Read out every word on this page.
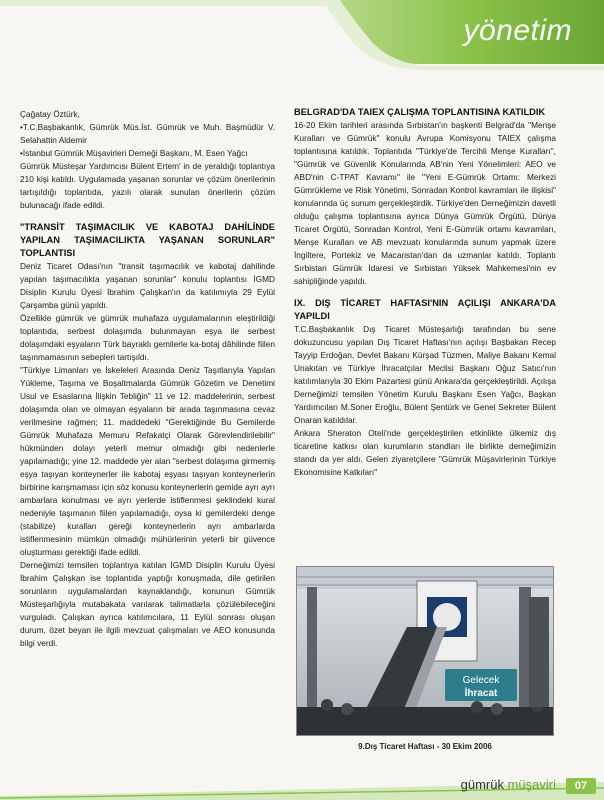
yönetim

Çağatay Öztürk,

•T.C.Başbakanlık, Gümrük Müs.İst. Gümrük ve Muh. Başmüdür V. Selahattin Aldemir

•İstanbul Gümrük Müşavirleri Derneği Başkanı, M. Esen Yağcı

Gümrük Müsteşar Yardımcısı Bülent Ertem' in de yeraldığı toplantıya 210 kişi katıldı. Uygulamada yaşanan sorunlar ve çözüm önerilerinin tartışıldığı toplantıda, yazılı olarak sunulan önerilerin çözüm bulunacağı ifade edildi.

"TRANSİT TAŞIMACILIK VE KABOTAJ DAHİLİNDE YAPILAN TAŞIMACILIKTA YAŞANAN SORUNLAR" TOPLANTISI

Deniz Ticaret Odası'nın "transit taşımacılık ve kabotaj dahilinde yapılan taşımacılıkta yaşanan sorunlar" konulu toplantısı İGMD Disiplin Kurulu Üyesi İbrahim Çalışkan'ın da katılımıyla 29 Eylül Çarşamba günü yapıldı.

Özellikle gümrük ve gümrük muhafaza uygulamalarının eleştirildiği toplantıda, serbest dolaşımda bulunmayan eşya ile serbest dolaşımdaki eşyaların Türk bayraklı gemilerle ka-botaj dâhilinde fiilen taşınmamasının sebepleri tartışıldı.

"Türkiye Limanları ve İskeleleri Arasında Deniz Taşıtlarıyla Yapılan Yükleme, Taşıma ve Boşaltmalarda Gümrük Gözetim ve Denetimi Usul ve Esaslarına İlişkin Tebliğin" 11 ve 12. maddelerinin, serbest dolaşımda olan ve olmayan eşyaların bir arada taşınmasına cevaz verilmesine rağmen; 11. maddedeki "Gerektiğinde Bu Gemilerde Gümrük Muhafaza Memuru Refakatçi Olarak Görevlendirilebilir" hükmünden dolayı yeterli memur olmadığı gibi nedenlerle yapılamadığı; yine 12. maddede yer alan "serbest dolaşıma girmemiş eşya taşıyan konteynerler ile kabotaj eşyası taşıyan konteynerlerin birbirine karışmaması için söz konusu konteynerlerin gemide ayrı ayrı ambarlara konulması ve ayrı yerlerde istiflenmesi şeklindeki kural nedeniyle taşımanın fiilen yapılamadığı, oysa ki gemilerdeki denge (stabilize) kuralları gereği konteynerlerin ayrı ambarlarda istiflenmesinin mümkün olmadığı mühürlerinin yeterli bir güvence oluşturması gerektiği ifade edildi.

Derneğimizi temsilen toplantıya katılan İGMD Disiplin Kurulu Üyesi İbrahim Çalışkan ise toplantıda yaptığı konuşmada, dile getirilen sorunların uygulamalardan kaynaklandığı, konunun Gümrük Müsteşarlığıyla mutabakata varılarak talimatlarla çözülebileceğini vurguladı. Çalışkan ayrıca katılımcılara, 11 Eylül sonrası oluşan durum, özet beyan ile ilgili mevzuat çalışmaları ve AEO konusunda bilgi verdi.

BELGRAD'DA TAIEX ÇALIŞMA TOPLANTISINA KATILDIK

16-20 Ekim tarihleri arasında Sırbistan'ın başkenti Belgrad'da "Menşe Kuralları ve Gümrük" konulu Avrupa Komisyonu TAIEX çalışma toplantısına katıldık. Toplantıda "Türkiye'de Tercihli Menşe Kuralları", "Gümrük ve Güvenlik Konularında AB'nin Yeni Yönelimleri: AEO ve ABD'nin C-TPAT Kavramı" ile "Yeni E-Gümrük Ortamı: Merkezi Gümrükleme ve Risk Yönetimi, Sonradan Kontrol kavramları ile ilişkisi" konularında üç sunum gerçekleştirdik. Türkiye'den Derneğimizin davetli olduğu çalışma toplantısına ayrıca Dünya Gümrük Örgütü, Dünya Ticaret Örgütü, Sonradan Kontrol, Yeni E-Gümrük ortamı kavramları, Menşe Kuralları ve AB mevzuatı konularında sunum yapmak üzere İngiltere, Portekiz ve Macaristan'dan da uzmanlar katıldı. Toplantı Sırbistan Gümrük İdaresi ve Sırbistan Yüksek Mahkemesi'nin ev sahipliğinde yapıldı.

IX. DIŞ TİCARET HAFTASI'NIN AÇILIŞI ANKARA'DA YAPILDI

T.C.Başbakanlık Dış Ticaret Müsteşarlığı tarafından bu sene dokuzuncusu yapılan Dış Ticaret Haftası'nın açılışı Başbakan Recep Tayyip Erdoğan, Devlet Bakanı Kürşad Tüzmen, Maliye Bakanı Kemal Unakıtan ve Türkiye İhracatçılar Meclisi Başkanı Oğuz Satıcı'nın katılımlarıyla 30 Ekim Pazartesi günü Ankara'da gerçekleştirildi. Açılışa Derneğimizi temsilen Yönetim Kurulu Başkanı Esen Yağcı, Başkan Yardımcıları M.Soner Eroğlu, Bülent Şentürk ve Genel Sekreter Bülent Onaran katıldılar.

Ankara Sheraton Oteli'nde gerçekleştirilen etkinlikte ülkemiz dış ticaretine katkısı olan kurumların standları ile birlikte derneğimizin standı da yer aldı. Gelen ziyaretçilere "Gümrük Müşavirlerinin Türkiye Ekonomisine Katkıları"

Gelecek
İhracat
9.Dış Ticaret Haftası - 30 Ekim 2006
gümrük müşaviri	07
